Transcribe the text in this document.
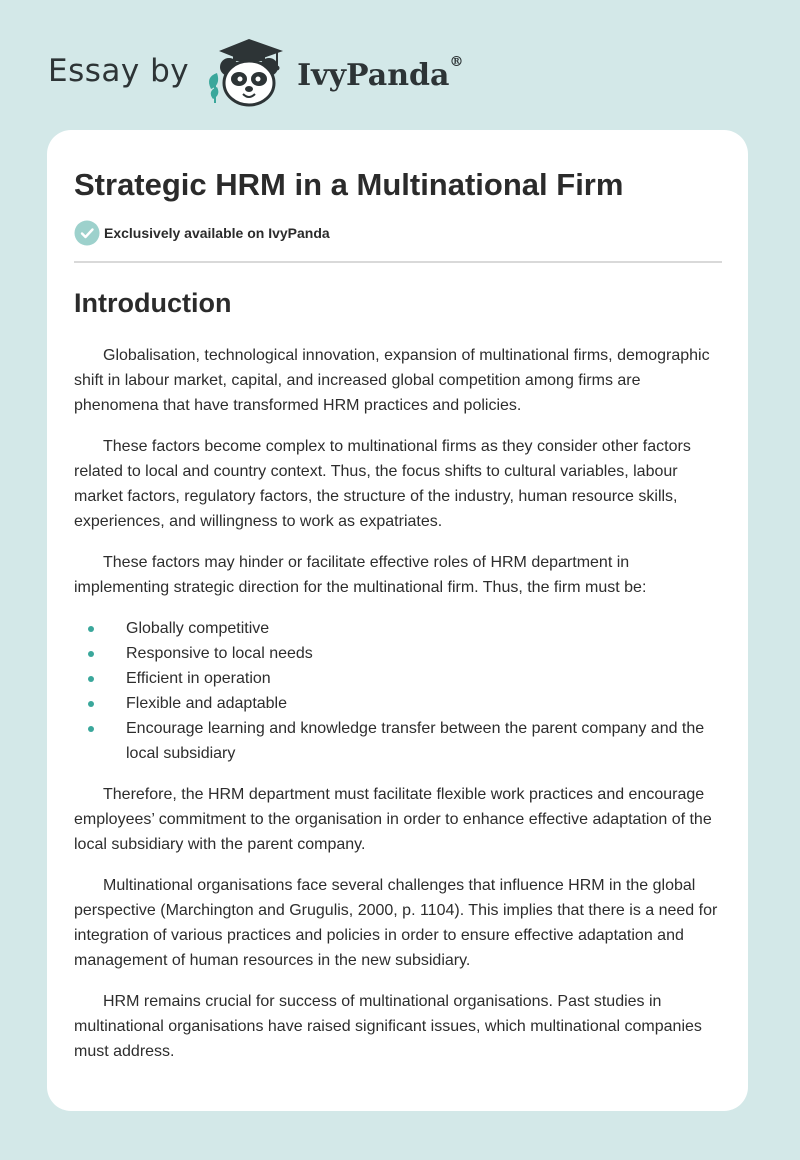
Essay by	IvyPanda®
Strategic HRM in a Multinational Firm
Exclusively available on IvyPanda
Introduction

Globalisation, technological innovation, expansion of multinational firms, demographic shift in labour market, capital, and increased global competition among firms are phenomena that have transformed HRM practices and policies.

These factors become complex to multinational firms as they consider other factors related to local and country context. Thus, the focus shifts to cultural variables, labour market factors, regulatory factors, the structure of the industry, human resource skills, experiences, and willingness to work as expatriates.

These factors may hinder or facilitate effective roles of HRM department in implementing strategic direction for the multinational firm. Thus, the firm must be:

Globally competitive
Responsive to local needs
Efficient in operation
Flexible and adaptable
Encourage learning and knowledge transfer between the parent company and the local subsidiary

Therefore, the HRM department must facilitate flexible work practices and encourage employees’ commitment to the organisation in order to enhance effective adaptation of the local subsidiary with the parent company.

Multinational organisations face several challenges that influence HRM in the global perspective (Marchington and Grugulis, 2000, p. 1104). This implies that there is a need for integration of various practices and policies in order to ensure effective adaptation and management of human resources in the new subsidiary.

HRM remains crucial for success of multinational organisations. Past studies in multinational organisations have raised significant issues, which multinational companies must address.
